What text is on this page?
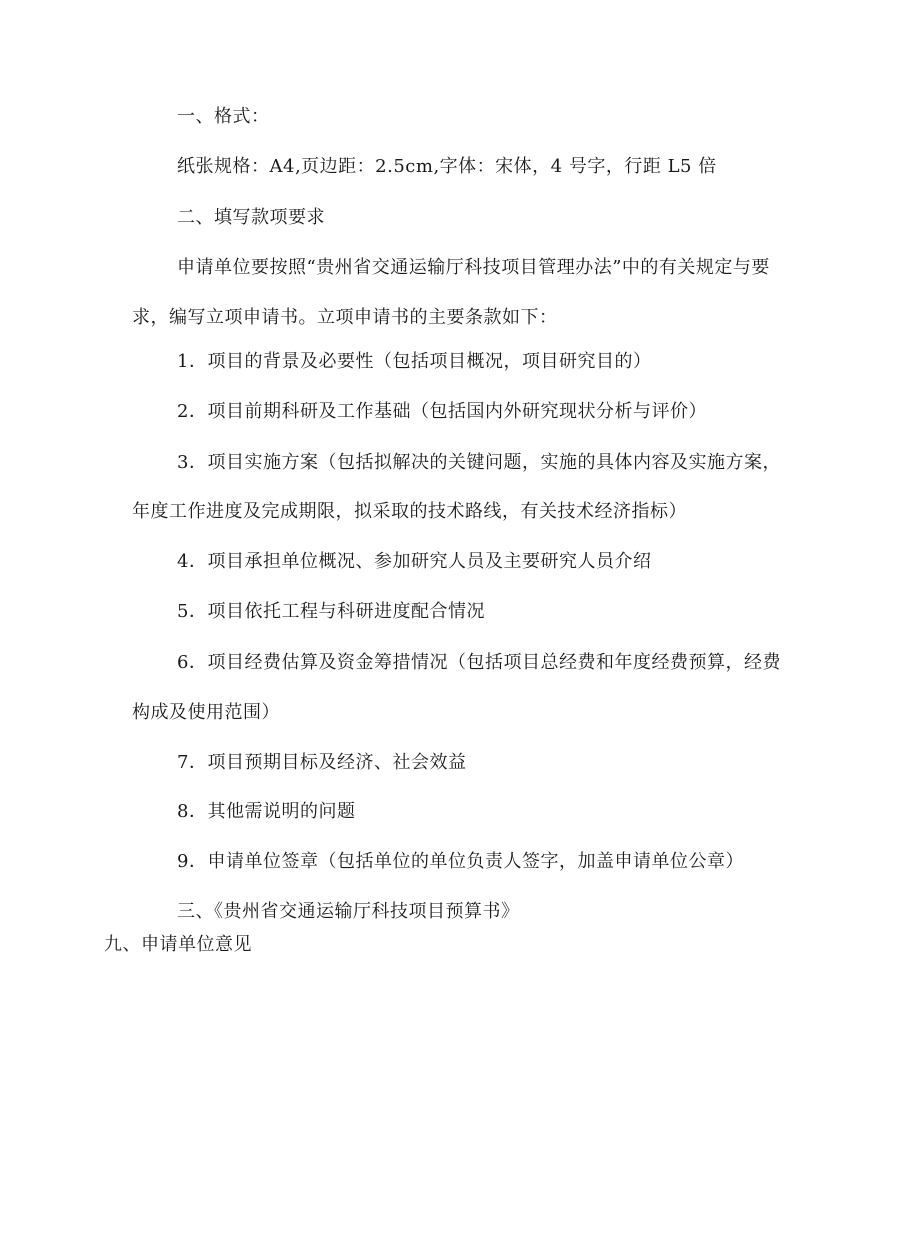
一、格式：
纸张规格：A4,页边距：2.5cm,字体：宋体，4 号字，行距 L5 倍
二、填写款项要求
申请单位要按照“贵州省交通运输厅科技项目管理办法”中的有关规定与要
求，编写立项申请书。立项申请书的主要条款如下：
1．项目的背景及必要性（包括项目概况，项目研究目的）
2．项目前期科研及工作基础（包括国内外研究现状分析与评价）
3．项目实施方案（包括拟解决的关键问题，实施的具体内容及实施方案，
年度工作进度及完成期限，拟采取的技术路线，有关技术经济指标）
4．项目承担单位概况、参加研究人员及主要研究人员介绍
5．项目依托工程与科研进度配合情况
6．项目经费估算及资金筹措情况（包括项目总经费和年度经费预算，经费
构成及使用范围）
7．项目预期目标及经济、社会效益
8．其他需说明的问题
9．申请单位签章（包括单位的单位负责人签字，加盖申请单位公章）
三、《贵州省交通运输厅科技项目预算书》
九、申请单位意见
